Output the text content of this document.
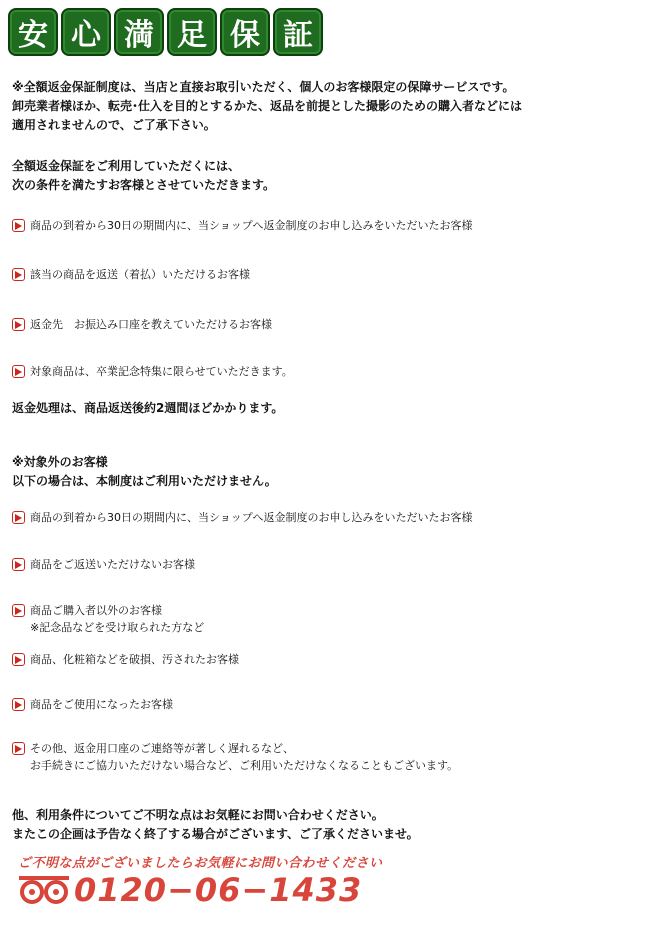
安 心 満 足 保 証
※全額返金保証制度は、当店と直接お取引いただく、個人のお客様限定の保障サービスです。
卸売業者様ほか、転売･仕入を目的とするかた、返品を前提とした撮影のための購入者などには
適用されませんので、ご了承下さい。
全額返金保証をご利用していただくには、
次の条件を満たすお客様とさせていただきます。
商品の到着から30日の期間内に、当ショップへ返金制度のお申し込みをいただいたお客様
該当の商品を返送（着払）いただけるお客様
返金先　お振込み口座を教えていただけるお客様
対象商品は、卒業記念特集に限らせていただきます。
返金処理は、商品返送後約2週間ほどかかります。
※対象外のお客様
以下の場合は、本制度はご利用いただけません。
商品の到着から30日の期間内に、当ショップへ返金制度のお申し込みをいただいたお客様
商品をご返送いただけないお客様
商品ご購入者以外のお客様
※記念品などを受け取られた方など
商品、化粧箱などを破損、汚されたお客様
商品をご使用になったお客様
その他、返金用口座のご連絡等が著しく遅れるなど、
お手続きにご協力いただけない場合など、ご利用いただけなくなることもございます。
他、利用条件についてご不明な点はお気軽にお問い合わせください。
またこの企画は予告なく終了する場合がございます、ご了承くださいませ。
ご不明な点がございましたらお気軽にお問い合わせください
0120−06−1433
